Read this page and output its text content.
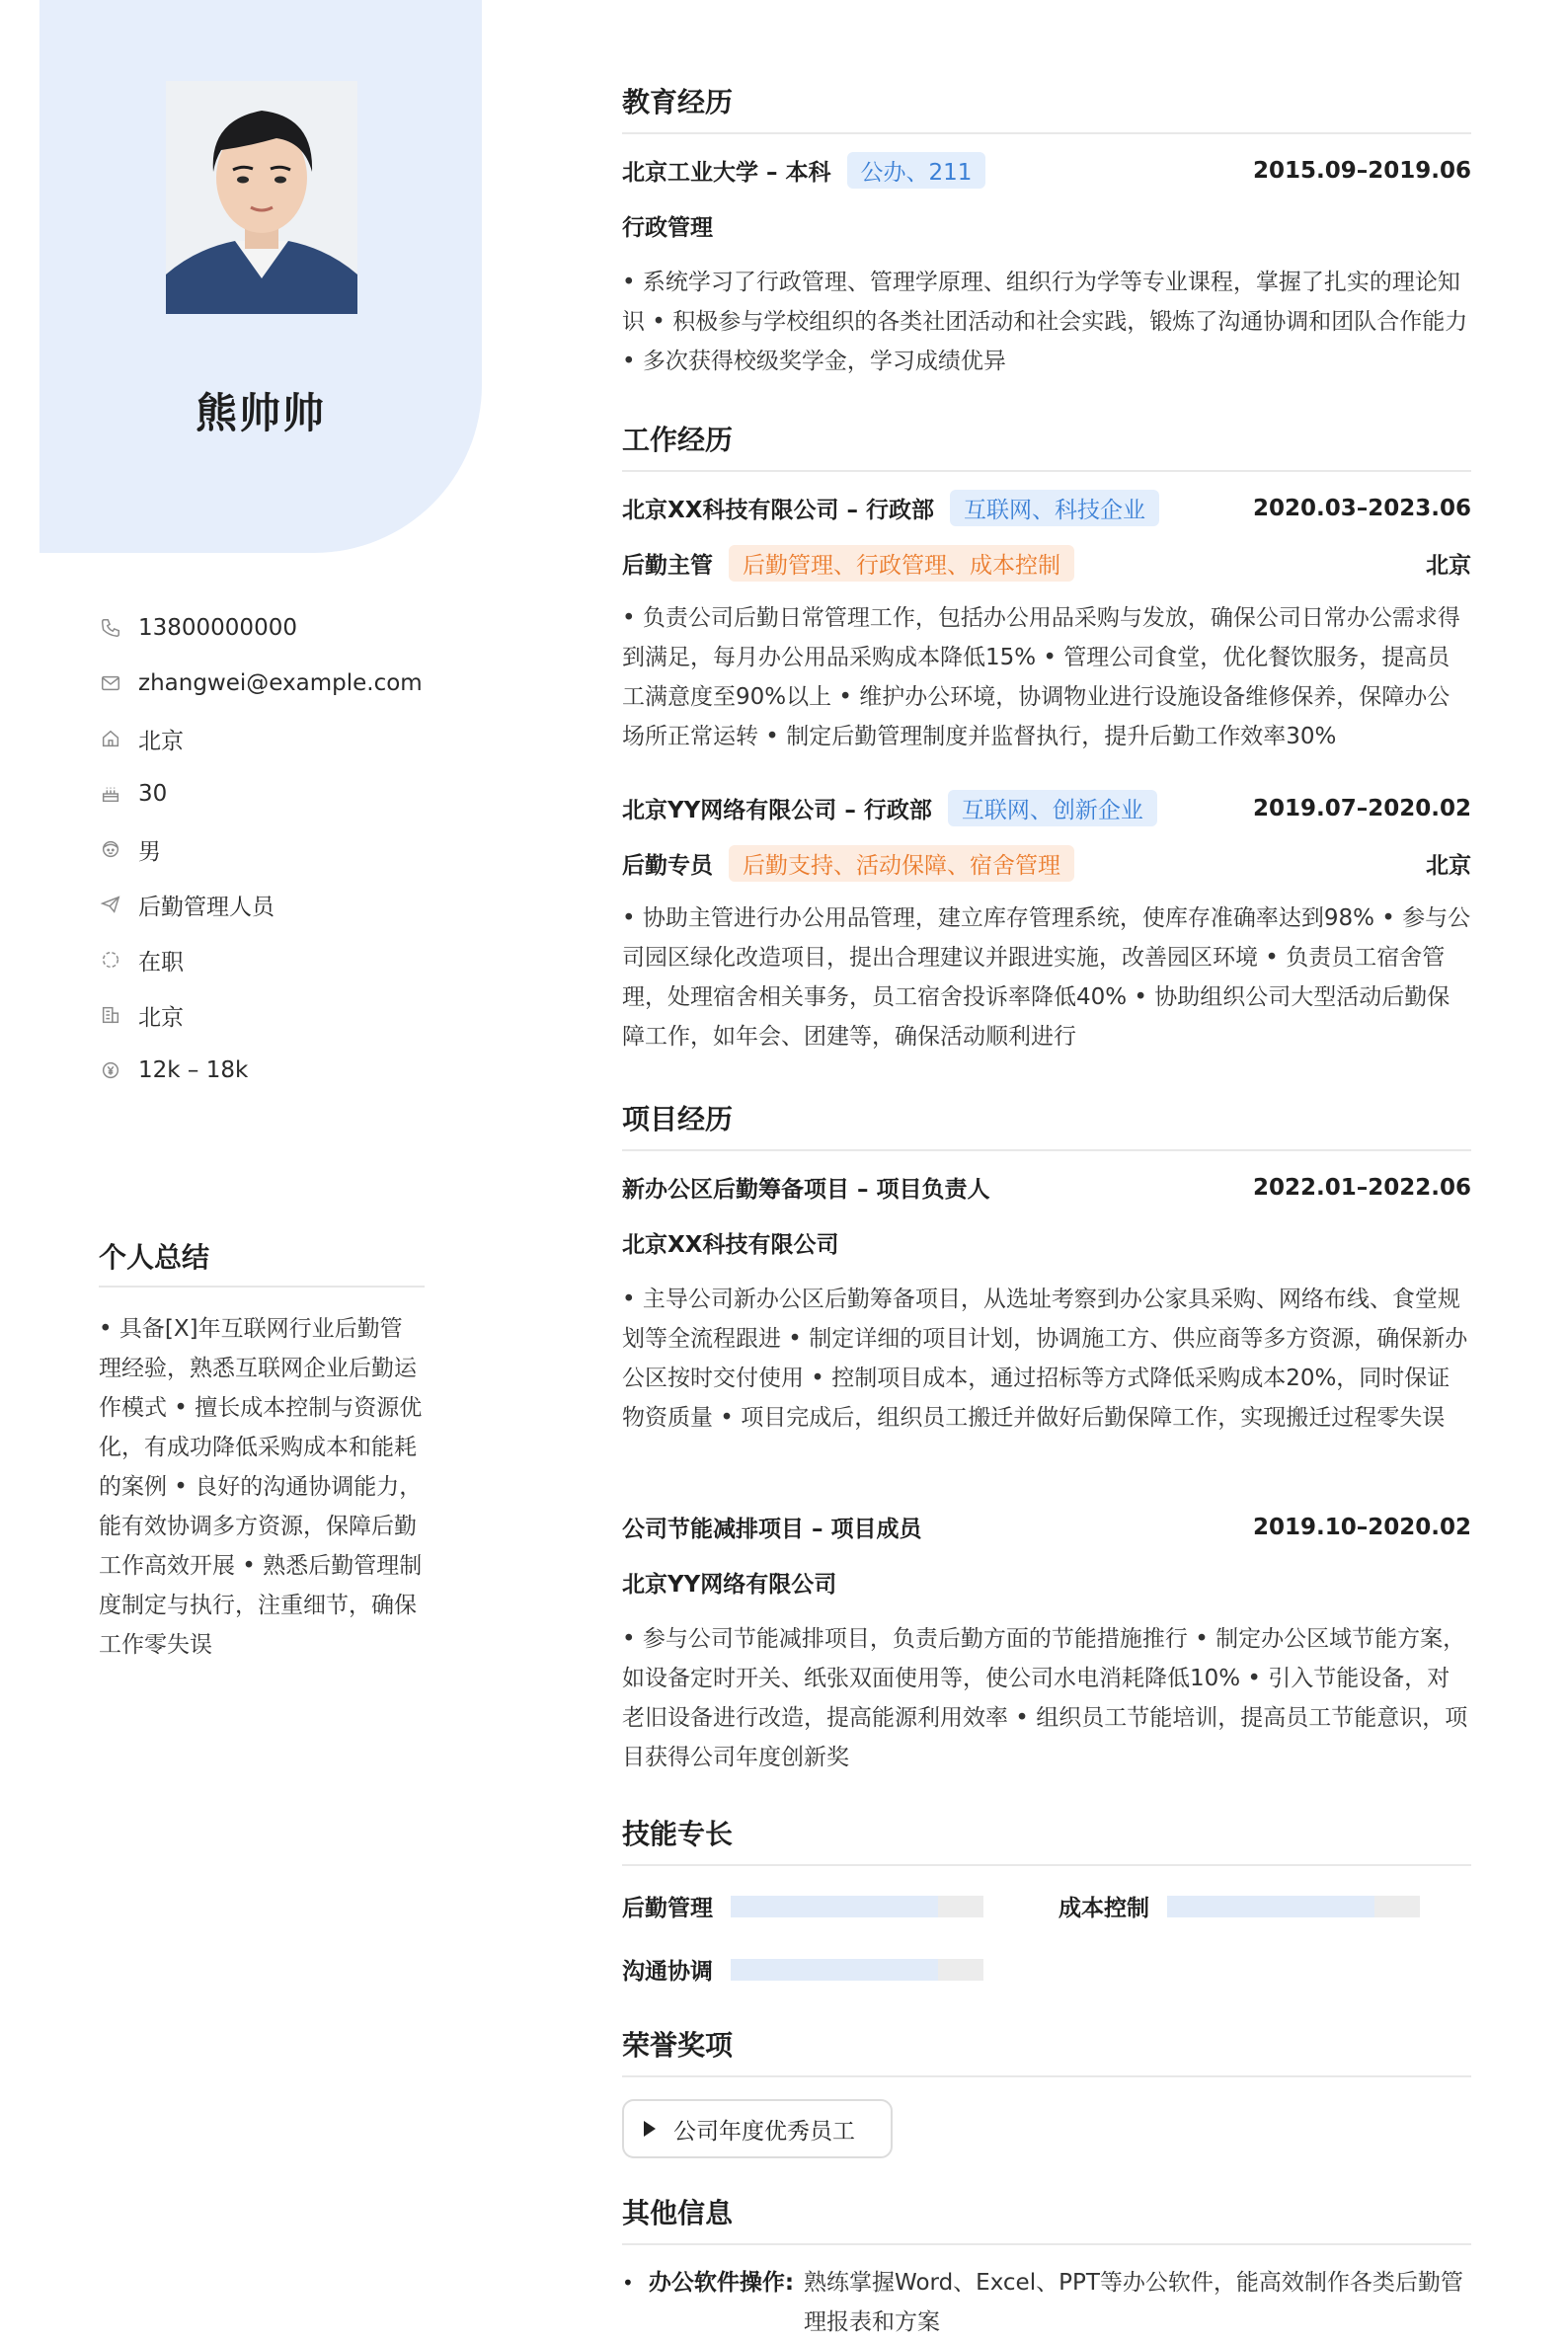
熊帅帅
13800000000
zhangwei@example.com
北京
30
男
后勤管理人员
在职
北京
12k – 18k
个人总结
• 具备[X]年互联网行业后勤管理经验，熟悉互联网企业后勤运作模式 • 擅长成本控制与资源优化，有成功降低采购成本和能耗的案例 • 良好的沟通协调能力，能有效协调多方资源，保障后勤工作高效开展 • 熟悉后勤管理制度制定与执行，注重细节，确保工作零失误
教育经历
北京工业大学 – 本科	公办、211	2015.09–2019.06
行政管理
• 系统学习了行政管理、管理学原理、组织行为学等专业课程，掌握了扎实的理论知识 • 积极参与学校组织的各类社团活动和社会实践，锻炼了沟通协调和团队合作能力 • 多次获得校级奖学金，学习成绩优异
工作经历
北京XX科技有限公司 – 行政部	互联网、科技企业	2020.03–2023.06
后勤主管	后勤管理、行政管理、成本控制	北京
• 负责公司后勤日常管理工作，包括办公用品采购与发放，确保公司日常办公需求得到满足，每月办公用品采购成本降低15% • 管理公司食堂，优化餐饮服务，提高员工满意度至90%以上 • 维护办公环境，协调物业进行设施设备维修保养，保障办公场所正常运转 • 制定后勤管理制度并监督执行，提升后勤工作效率30%
北京YY网络有限公司 – 行政部	互联网、创新企业	2019.07–2020.02
后勤专员	后勤支持、活动保障、宿舍管理	北京
• 协助主管进行办公用品管理，建立库存管理系统，使库存准确率达到98% • 参与公司园区绿化改造项目，提出合理建议并跟进实施，改善园区环境 • 负责员工宿舍管理，处理宿舍相关事务，员工宿舍投诉率降低40% • 协助组织公司大型活动后勤保障工作，如年会、团建等，确保活动顺利进行
项目经历
新办公区后勤筹备项目 – 项目负责人	2022.01–2022.06
北京XX科技有限公司
• 主导公司新办公区后勤筹备项目，从选址考察到办公家具采购、网络布线、食堂规划等全流程跟进 • 制定详细的项目计划，协调施工方、供应商等多方资源，确保新办公区按时交付使用 • 控制项目成本，通过招标等方式降低采购成本20%，同时保证物资质量 • 项目完成后，组织员工搬迁并做好后勤保障工作，实现搬迁过程零失误
公司节能减排项目 – 项目成员	2019.10–2020.02
北京YY网络有限公司
• 参与公司节能减排项目，负责后勤方面的节能措施推行 • 制定办公区域节能方案，如设备定时开关、纸张双面使用等，使公司水电消耗降低10% • 引入节能设备，对老旧设备进行改造，提高能源利用效率 • 组织员工节能培训，提高员工节能意识，项目获得公司年度创新奖
技能专长
后勤管理	成本控制
沟通协调
荣誉奖项
公司年度优秀员工
其他信息
• 办公软件操作: 熟练掌握Word、Excel、PPT等办公软件，能高效制作各类后勤管理报表和方案
